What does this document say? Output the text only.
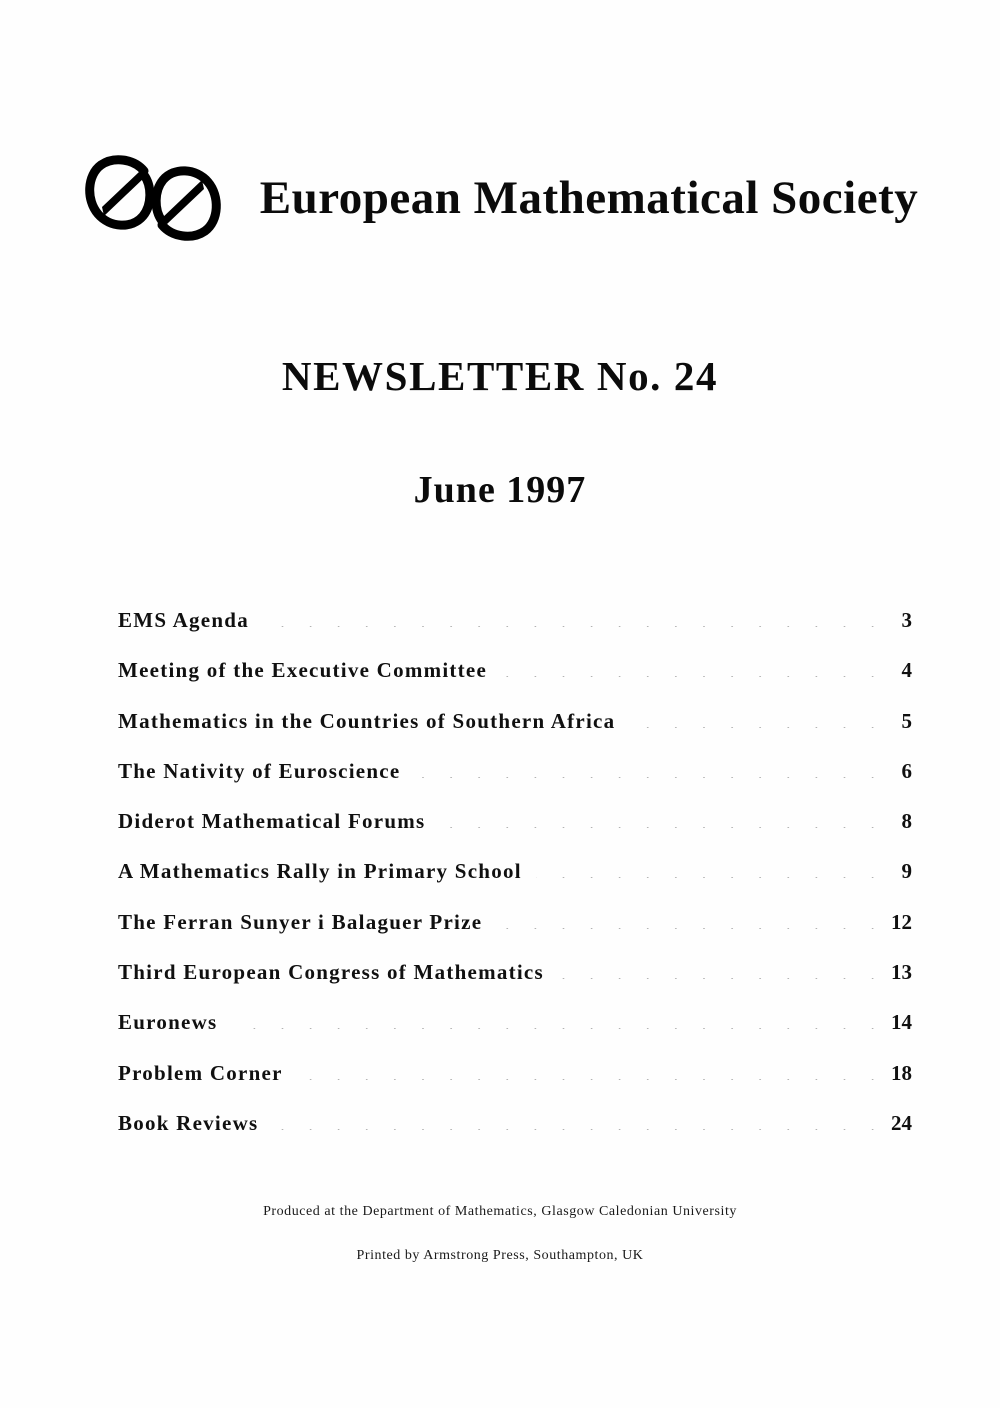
European Mathematical Society
NEWSLETTER No. 24
June 1997
EMS Agenda . . .	3
Meeting of the Executive Committee . . .	4
Mathematics in the Countries of Southern Africa . . .	5
The Nativity of Euroscience . . .	6
Diderot Mathematical Forums . . .	8
A Mathematics Rally in Primary School . . .	9
The Ferran Sunyer i Balaguer Prize . . .	12
Third European Congress of Mathematics . . .	13
Euronews . . .	14
Problem Corner . . .	18
Book Reviews . . .	24
Produced at the Department of Mathematics, Glasgow Caledonian University
Printed by Armstrong Press, Southampton, UK
